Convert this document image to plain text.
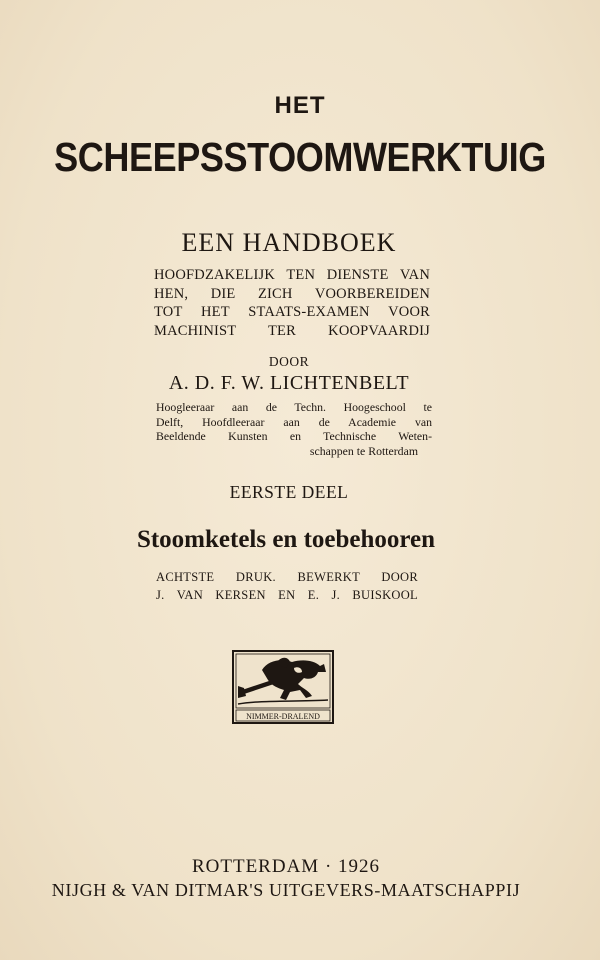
HET
SCHEEPSSTOOMWERKTUIG
EEN HANDBOEK
HOOFDZAKELIJK TEN DIENSTE VAN
HEN, DIE ZICH VOORBEREIDEN
TOT HET STAATS-EXAMEN VOOR
MACHINIST TER KOOPVAARDIJ
DOOR
A. D. F. W. LICHTENBELT
Hoogleeraar aan de Techn. Hoogeschool te
Delft, Hoofdleeraar aan de Academie van
Beeldende Kunsten en Technische Weten-
schappen te Rotterdam
EERSTE DEEL
Stoomketels en toebehooren
ACHTSTE DRUK. BEWERKT DOOR
J. VAN KERSEN EN E. J. BUISKOOL
NIMMER-DRALEND
ROTTERDAM · 1926
NIJGH & VAN DITMAR'S UITGEVERS-MAATSCHAPPIJ
